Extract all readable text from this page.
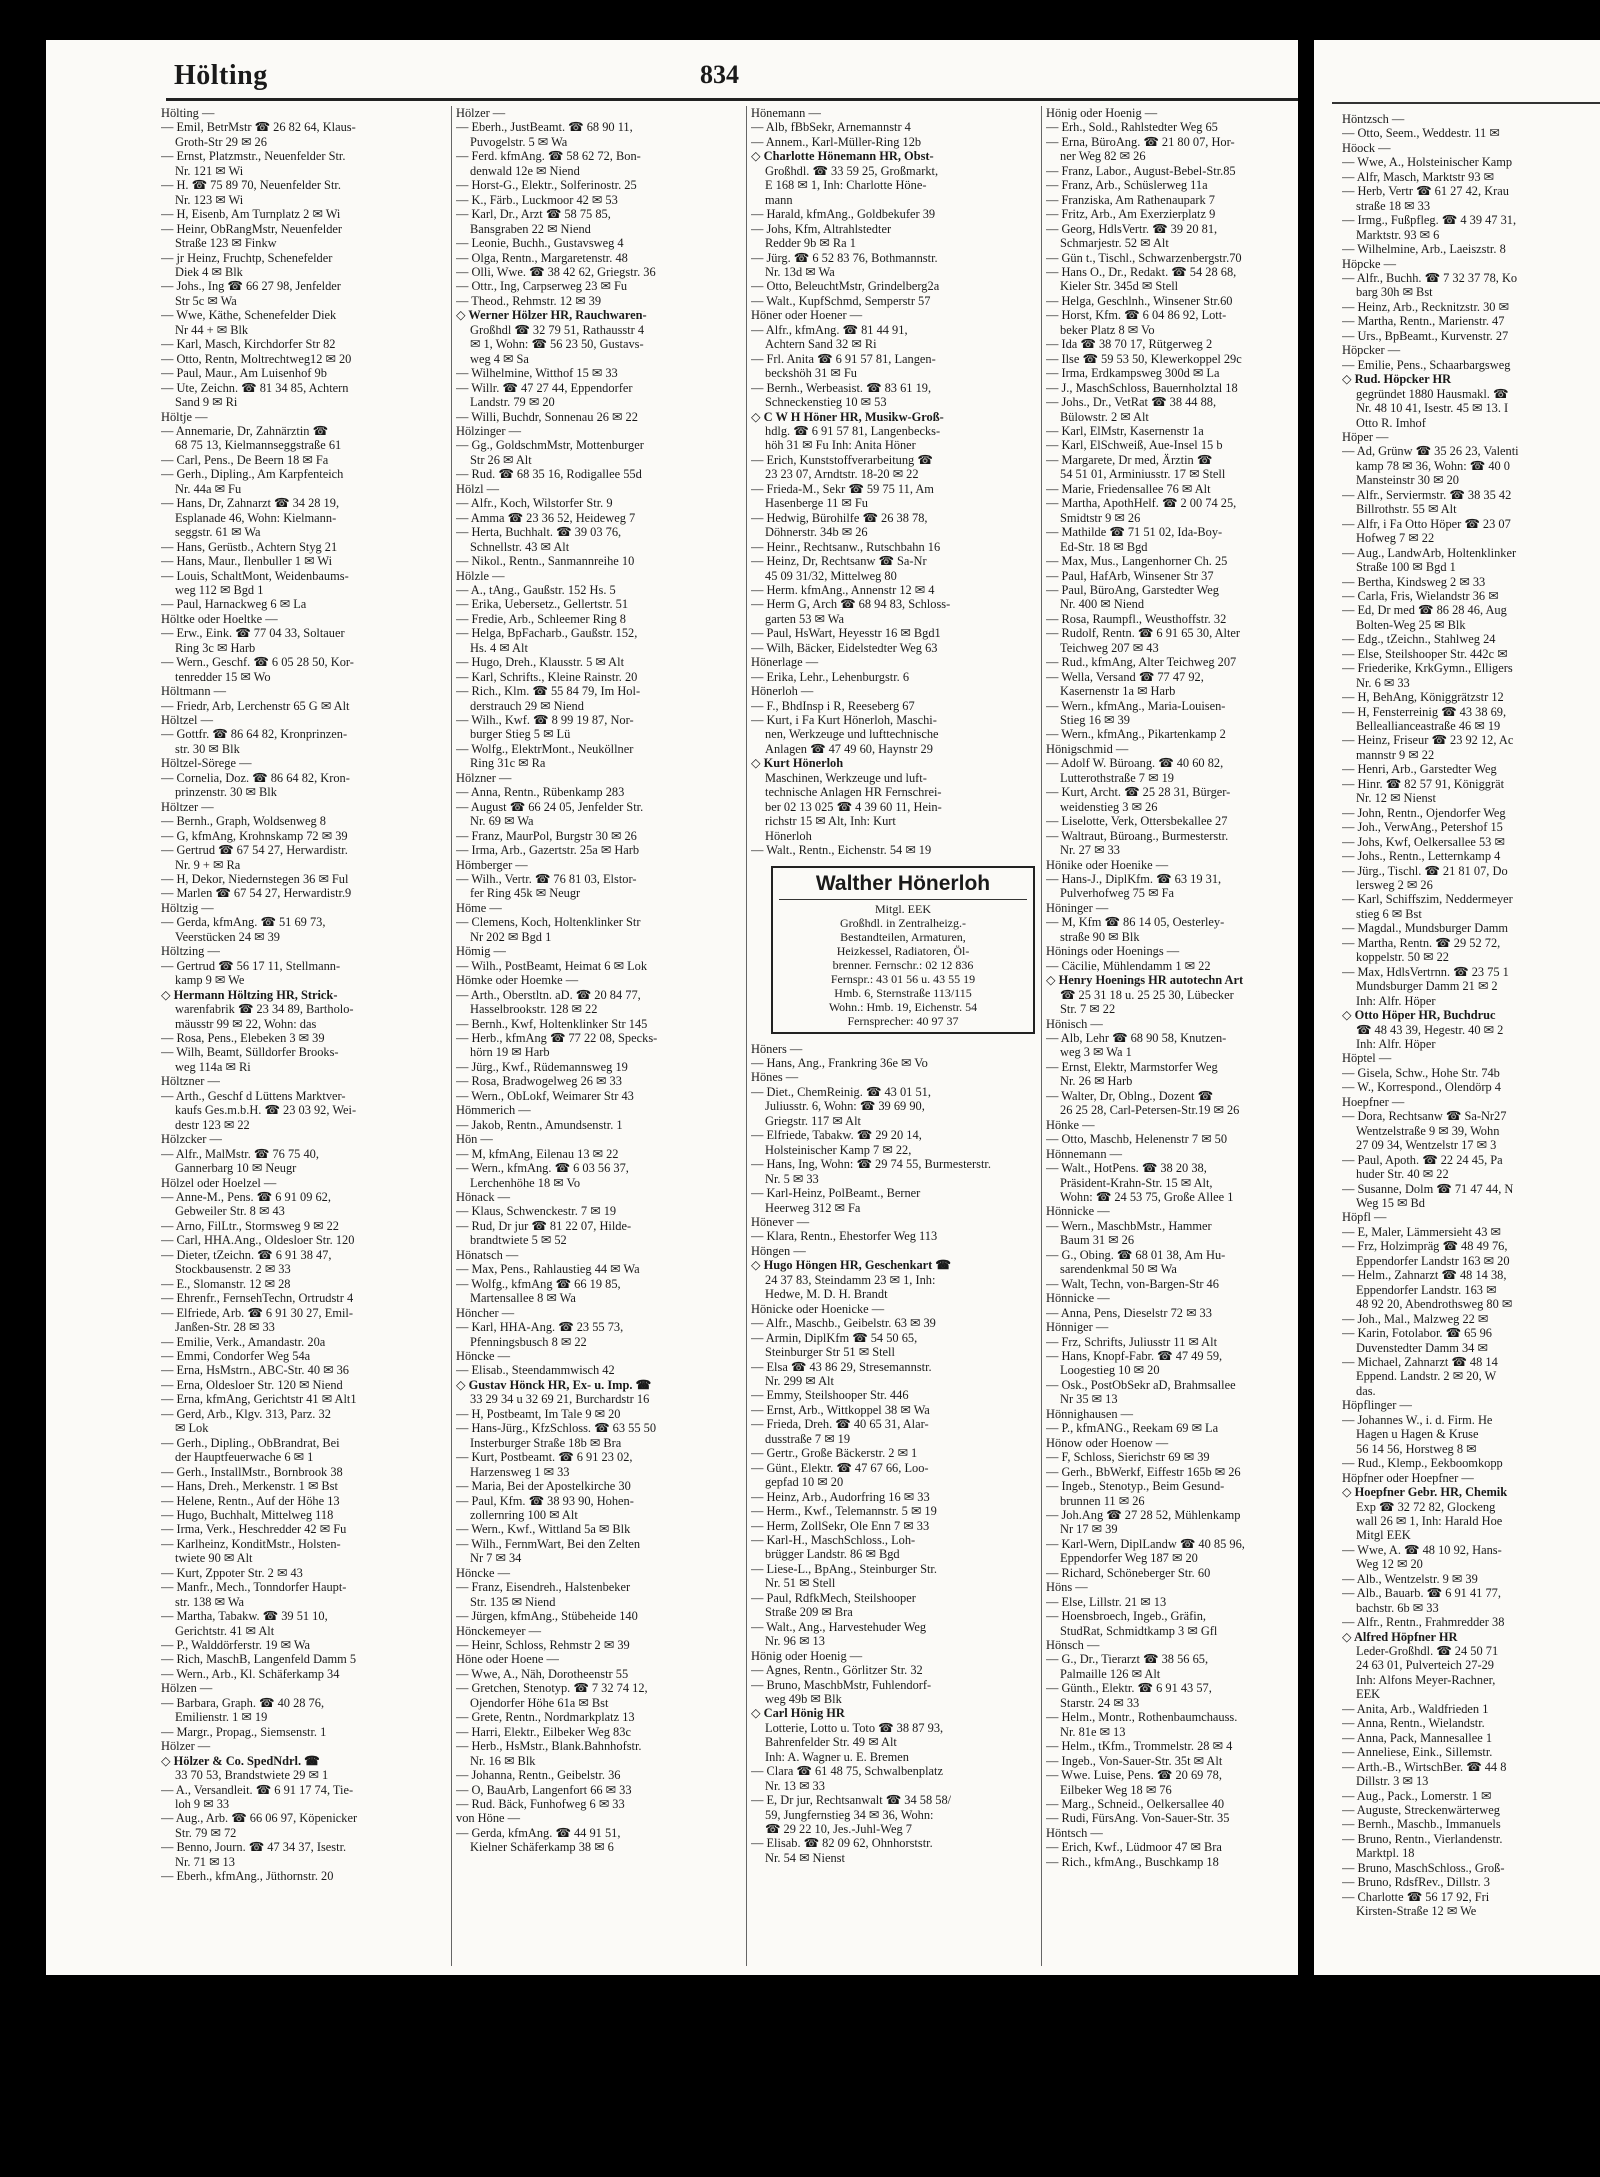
Hölting	834
Hölting —
— Emil, BetrMstr ☎ 26 82 64, Klaus-
Groth-Str 29 ✉ 26
— Ernst, Platzmstr., Neuenfelder Str.
Nr. 121 ✉ Wi
— H. ☎ 75 89 70, Neuenfelder Str.
Nr. 123 ✉ Wi
— H, Eisenb, Am Turnplatz 2 ✉ Wi
— Heinr, ObRangMstr, Neuenfelder
Straße 123 ✉ Finkw
— jr Heinz, Fruchtp, Schenefelder
Diek 4 ✉ Blk
— Johs., Ing ☎ 66 27 98, Jenfelder
Str 5c ✉ Wa
— Wwe, Käthe, Schenefelder Diek
Nr 44 + ✉ Blk
— Karl, Masch, Kirchdorfer Str 82
— Otto, Rentn, Moltrechtweg12 ✉ 20
— Paul, Maur., Am Luisenhof 9b
— Ute, Zeichn. ☎ 81 34 85, Achtern
Sand 9 ✉ Ri
Höltje —
— Annemarie, Dr, Zahnärztin ☎
68 75 13, Kielmannseggstraße 61
— Carl, Pens., De Beern 18 ✉ Fa
— Gerh., Dipling., Am Karpfenteich
Nr. 44a ✉ Fu
— Hans, Dr, Zahnarzt ☎ 34 28 19,
Esplanade 46, Wohn: Kielmann-
seggstr. 61 ✉ Wa
— Hans, Gerüstb., Achtern Styg 21
— Hans, Maur., Ilenbuller 1 ✉ Wi
— Louis, SchaltMont, Weidenbaums-
weg 112 ✉ Bgd 1
— Paul, Harnackweg 6 ✉ La
Höltke oder Hoeltke —
— Erw., Eink. ☎ 77 04 33, Soltauer
Ring 3c ✉ Harb
— Wern., Geschf. ☎ 6 05 28 50, Kor-
tenredder 15 ✉ Wo
Höltmann —
— Friedr, Arb, Lerchenstr 65 G ✉ Alt
Höltzel —
— Gottfr. ☎ 86 64 82, Kronprinzen-
str. 30 ✉ Blk
Höltzel-Sörege —
— Cornelia, Doz. ☎ 86 64 82, Kron-
prinzenstr. 30 ✉ Blk
Höltzer —
— Bernh., Graph, Woldsenweg 8
— G, kfmAng, Krohnskamp 72 ✉ 39
— Gertrud ☎ 67 54 27, Herwardistr.
Nr. 9 + ✉ Ra
— H, Dekor, Niedernstegen 36 ✉ Ful
— Marlen ☎ 67 54 27, Herwardistr.9
Höltzig —
— Gerda, kfmAng. ☎ 51 69 73,
Veerstücken 24 ✉ 39
Höltzing —
— Gertrud ☎ 56 17 11, Stellmann-
kamp 9 ✉ We
◇ Hermann Höltzing HR, Strick-
warenfabrik ☎ 23 34 89, Bartholo-
mäusstr 99 ✉ 22, Wohn: das
— Rosa, Pens., Elebeken 3 ✉ 39
— Wilh, Beamt, Sülldorfer Brooks-
weg 114a ✉ Ri
Höltzner —
— Arth., Geschf d Lüttens Marktver-
kaufs Ges.m.b.H. ☎ 23 03 92, Wei-
destr 123 ✉ 22
Hölzcker —
— Alfr., MalMstr. ☎ 76 75 40,
Gannerbarg 10 ✉ Neugr
Hölzel oder Hoelzel —
— Anne-M., Pens. ☎ 6 91 09 62,
Gebweiler Str. 8 ✉ 43
— Arno, FilLtr., Stormsweg 9 ✉ 22
— Carl, HHA.Ang., Oldesloer Str. 120
— Dieter, tZeichn. ☎ 6 91 38 47,
Stockbausenstr. 2 ✉ 33
— E., Slomanstr. 12 ✉ 28
— Ehrenfr., FernsehTechn, Ortrudstr 4
— Elfriede, Arb. ☎ 6 91 30 27, Emil-
Janßen-Str. 28 ✉ 33
— Emilie, Verk., Amandastr. 20a
— Emmi, Condorfer Weg 54a
— Erna, HsMstrn., ABC-Str. 40 ✉ 36
— Erna, Oldesloer Str. 120 ✉ Niend
— Erna, kfmAng, Gerichtstr 41 ✉ Alt1
— Gerd, Arb., Klgv. 313, Parz. 32
✉ Lok
— Gerh., Dipling., ObBrandrat, Bei
der Hauptfeuerwache 6 ✉ 1
— Gerh., InstallMstr., Bornbrook 38
— Hans, Dreh., Merkenstr. 1 ✉ Bst
— Helene, Rentn., Auf der Höhe 13
— Hugo, Buchhalt, Mittelweg 118
— Irma, Verk., Heschredder 42 ✉ Fu
— Karlheinz, KonditMstr., Holsten-
twiete 90 ✉ Alt
— Kurt, Zppoter Str. 2 ✉ 43
— Manfr., Mech., Tonndorfer Haupt-
str. 138 ✉ Wa
— Martha, Tabakw. ☎ 39 51 10,
Gerichtstr. 41 ✉ Alt
— P., Walddörferstr. 19 ✉ Wa
— Rich, MaschB, Langenfeld Damm 5
— Wern., Arb., Kl. Schäferkamp 34
Hölzen —
— Barbara, Graph. ☎ 40 28 76,
Emilienstr. 1 ✉ 19
— Margr., Propag., Siemsenstr. 1
Hölzer —
◇ Hölzer & Co. SpedNdrl. ☎
33 70 53, Brandstwiete 29 ✉ 1
— A., Versandleit. ☎ 6 91 17 74, Tie-
loh 9 ✉ 33
— Aug., Arb. ☎ 66 06 97, Köpenicker
Str. 79 ✉ 72
— Benno, Journ. ☎ 47 34 37, Isestr.
Nr. 71 ✉ 13
— Eberh., kfmAng., Jüthornstr. 20
Hölzer —
— Eberh., JustBeamt. ☎ 68 90 11,
Puvogelstr. 5 ✉ Wa
— Ferd. kfmAng. ☎ 58 62 72, Bon-
denwald 12e ✉ Niend
— Horst-G., Elektr., Solferinostr. 25
— K., Färb., Luckmoor 42 ✉ 53
— Karl, Dr., Arzt ☎ 58 75 85,
Bansgraben 22 ✉ Niend
— Leonie, Buchh., Gustavsweg 4
— Olga, Rentn., Margaretenstr. 48
— Olli, Wwe. ☎ 38 42 62, Griegstr. 36
— Ottr., Ing, Carpserweg 23 ✉ Fu
— Theod., Rehmstr. 12 ✉ 39
◇ Werner Hölzer HR, Rauchwaren-
Großhdl ☎ 32 79 51, Rathausstr 4
✉ 1, Wohn: ☎ 56 23 50, Gustavs-
weg 4 ✉ Sa
— Wilhelmine, Witthof 15 ✉ 33
— Willr. ☎ 47 27 44, Eppendorfer
Landstr. 79 ✉ 20
— Willi, Buchdr, Sonnenau 26 ✉ 22
Hölzinger —
— Gg., GoldschmMstr, Mottenburger
Str 26 ✉ Alt
— Rud. ☎ 68 35 16, Rodigallee 55d
Hölzl —
— Alfr., Koch, Wilstorfer Str. 9
— Amma ☎ 23 36 52, Heideweg 7
— Herta, Buchhalt. ☎ 39 03 76,
Schnellstr. 43 ✉ Alt
— Nikol., Rentn., Sanmannreihe 10
Hölzle —
— A., tAng., Gaußstr. 152 Hs. 5
— Erika, Uebersetz., Gellertstr. 51
— Fredie, Arb., Schleemer Ring 8
— Helga, BpFacharb., Gaußstr. 152,
Hs. 4 ✉ Alt
— Hugo, Dreh., Klausstr. 5 ✉ Alt
— Karl, Schrifts., Kleine Rainstr. 20
— Rich., Klm. ☎ 55 84 79, Im Hol-
derstrauch 29 ✉ Niend
— Wilh., Kwf. ☎ 8 99 19 87, Nor-
burger Stieg 5 ✉ Lü
— Wolfg., ElektrMont., Neuköllner
Ring 31c ✉ Ra
Hölzner —
— Anna, Rentn., Rübenkamp 283
— August ☎ 66 24 05, Jenfelder Str.
Nr. 69 ✉ Wa
— Franz, MaurPol, Burgstr 30 ✉ 26
— Irma, Arb., Gazertstr. 25a ✉ Harb
Hömberger —
— Wilh., Vertr. ☎ 76 81 03, Elstor-
fer Ring 45k ✉ Neugr
Höme —
— Clemens, Koch, Holtenklinker Str
Nr 202 ✉ Bgd 1
Hömig —
— Wilh., PostBeamt, Heimat 6 ✉ Lok
Hömke oder Hoemke —
— Arth., Oberstltn. aD. ☎ 20 84 77,
Hasselbrookstr. 128 ✉ 22
— Bernh., Kwf, Holtenklinker Str 145
— Herb., kfmAng ☎ 77 22 08, Specks-
hörn 19 ✉ Harb
— Jürg., Kwf., Rüdemannsweg 19
— Rosa, Bradwogelweg 26 ✉ 33
— Wern., ObLokf, Weimarer Str 43
Hömmerich —
— Jakob, Rentn., Amundsenstr. 1
Hön —
— M, kfmAng, Eilenau 13 ✉ 22
— Wern., kfmAng. ☎ 6 03 56 37,
Lerchenhöhe 18 ✉ Vo
Hönack —
— Klaus, Schwenckestr. 7 ✉ 19
— Rud, Dr jur ☎ 81 22 07, Hilde-
brandtwiete 5 ✉ 52
Hönatsch —
— Max, Pens., Rahlaustieg 44 ✉ Wa
— Wolfg., kfmAng ☎ 66 19 85,
Martensallee 8 ✉ Wa
Höncher —
— Karl, HHA-Ang. ☎ 23 55 73,
Pfenningsbusch 8 ✉ 22
Höncke —
— Elisab., Steendammwisch 42
◇ Gustav Hönck HR, Ex- u. Imp. ☎
33 29 34 u 32 69 21, Burchardstr 16
— H, Postbeamt, Im Tale 9 ✉ 20
— Hans-Jürg., KfzSchloss. ☎ 63 55 50
Insterburger Straße 18b ✉ Bra
— Kurt, Postbeamt. ☎ 6 91 23 02,
Harzensweg 1 ✉ 33
— Maria, Bei der Apostelkirche 30
— Paul, Kfm. ☎ 38 93 90, Hohen-
zollernring 100 ✉ Alt
— Wern., Kwf., Wittland 5a ✉ Blk
— Wilh., FernmWart, Bei den Zelten
Nr 7 ✉ 34
Höncke —
— Franz, Eisendreh., Halstenbeker
Str. 135 ✉ Niend
— Jürgen, kfmAng., Stübeheide 140
Hönckemeyer —
— Heinr, Schloss, Rehmstr 2 ✉ 39
Höne oder Hoene —
— Wwe, A., Näh, Dorotheenstr 55
— Gretchen, Stenotyp. ☎ 7 32 74 12,
Ojendorfer Höhe 61a ✉ Bst
— Grete, Rentn., Nordmarkplatz 13
— Harri, Elektr., Eilbeker Weg 83c
— Herb., HsMstr., Blank.Bahnhofstr.
Nr. 16 ✉ Blk
— Johanna, Rentn., Geibelstr. 36
— O, BauArb, Langenfort 66 ✉ 33
— Rud. Bäck, Funhofweg 6 ✉ 33
von Höne —
— Gerda, kfmAng. ☎ 44 91 51,
Kielner Schäferkamp 38 ✉ 6
Hönemann —
— Alb, fBbSekr, Arnemannstr 4
— Annem., Karl-Müller-Ring 12b
◇ Charlotte Hönemann HR, Obst-
Großhdl. ☎ 33 59 25, Großmarkt,
E 168 ✉ 1, Inh: Charlotte Höne-
mann
— Harald, kfmAng., Goldbekufer 39
— Johs, Kfm, Altrahlstedter
Redder 9b ✉ Ra 1
— Jürg. ☎ 6 52 83 76, Bothmannstr.
Nr. 13d ✉ Wa
— Otto, BeleuchtMstr, Grindelberg2a
— Walt., KupfSchmd, Semperstr 57
Höner oder Hoener —
— Alfr., kfmAng. ☎ 81 44 91,
Achtern Sand 32 ✉ Ri
— Frl. Anita ☎ 6 91 57 81, Langen-
beckshöh 31 ✉ Fu
— Bernh., Werbeasist. ☎ 83 61 19,
Schneckenstieg 10 ✉ 53
◇ C W H Höner HR, Musikw-Groß-
hdlg. ☎ 6 91 57 81, Langenbecks-
höh 31 ✉ Fu Inh: Anita Höner
— Erich, Kunststoffverarbeitung ☎
23 23 07, Arndtstr. 18-20 ✉ 22
— Frieda-M., Sekr ☎ 59 75 11, Am
Hasenberge 11 ✉ Fu
— Hedwig, Bürohilfe ☎ 26 38 78,
Döhnerstr. 34b ✉ 26
— Heinr., Rechtsanw., Rutschbahn 16
— Heinz, Dr, Rechtsanw ☎ Sa-Nr
45 09 31/32, Mittelweg 80
— Herm. kfmAng., Annenstr 12 ✉ 4
— Herm G, Arch ☎ 68 94 83, Schloss-
garten 53 ✉ Wa
— Paul, HsWart, Heyesstr 16 ✉ Bgd1
— Wilh, Bäcker, Eidelstedter Weg 63
Hönerlage —
— Erika, Lehr., Lehenburgstr. 6
Hönerloh —
— F., BhdInsp i R, Reeseberg 67
— Kurt, i Fa Kurt Hönerloh, Maschi-
nen, Werkzeuge und lufttechnische
Anlagen ☎ 47 49 60, Haynstr 29
◇ Kurt Hönerloh
Maschinen, Werkzeuge und luft-
technische Anlagen HR Fernschrei-
ber 02 13 025 ☎ 4 39 60 11, Hein-
richstr 15 ✉ Alt, Inh: Kurt
Hönerloh
— Walt., Rentn., Eichenstr. 54 ✉ 19
Walther Hönerloh
Mitgl. EEK
Großhdl. in Zentralheizg.-
Bestandteilen, Armaturen,
Heizkessel, Radiatoren, Öl-
brenner. Fernschr.: 02 12 836
Fernspr.: 43 01 56 u. 43 55 19
Hmb. 6, Sternstraße 113/115
Wohn.: Hmb. 19, Eichenstr. 54
Fernsprecher: 40 97 37
Höners —
— Hans, Ang., Frankring 36e ✉ Vo
Hönes —
— Diet., ChemReinig. ☎ 43 01 51,
Juliusstr. 6, Wohn: ☎ 39 69 90,
Griegstr. 117 ✉ Alt
— Elfriede, Tabakw. ☎ 29 20 14,
Holsteinischer Kamp 7 ✉ 22,
— Hans, Ing, Wohn: ☎ 29 74 55, Burmesterstr.
Nr. 5 ✉ 33
— Karl-Heinz, PolBeamt., Berner
Heerweg 312 ✉ Fa
Hönever —
— Klara, Rentn., Ehestorfer Weg 113
Höngen —
◇ Hugo Höngen HR, Geschenkart ☎
24 37 83, Steindamm 23 ✉ 1, Inh:
Hedwe, M. D. H. Brandt
Hönicke oder Hoenicke —
— Alfr., Maschb., Geibelstr. 63 ✉ 39
— Armin, DiplKfm ☎ 54 50 65,
Steinburger Str 51 ✉ Stell
— Elsa ☎ 43 86 29, Stresemannstr.
Nr. 299 ✉ Alt
— Emmy, Steilshooper Str. 446
— Ernst, Arb., Wittkoppel 38 ✉ Wa
— Frieda, Dreh. ☎ 40 65 31, Alar-
dusstraße 7 ✉ 19
— Gertr., Große Bäckerstr. 2 ✉ 1
— Günt., Elektr. ☎ 47 67 66, Loo-
gepfad 10 ✉ 20
— Heinz, Arb., Audorfring 16 ✉ 33
— Herm., Kwf., Telemannstr. 5 ✉ 19
— Herm, ZollSekr, Ole Enn 7 ✉ 33
— Karl-H., MaschSchloss., Loh-
brügger Landstr. 86 ✉ Bgd
— Liese-L., BpAng., Steinburger Str.
Nr. 51 ✉ Stell
— Paul, RdfkMech, Steilshooper
Straße 209 ✉ Bra
— Walt., Ang., Harvestehuder Weg
Nr. 96 ✉ 13
Hönig oder Hoenig —
— Agnes, Rentn., Görlitzer Str. 32
— Bruno, MaschbMstr, Fuhlendorf-
weg 49b ✉ Blk
◇ Carl Hönig HR
Lotterie, Lotto u. Toto ☎ 38 87 93,
Bahrenfelder Str. 49 ✉ Alt
Inh: A. Wagner u. E. Bremen
— Clara ☎ 61 48 75, Schwalbenplatz
Nr. 13 ✉ 33
— E, Dr jur, Rechtsanwalt ☎ 34 58 58/
59, Jungfernstieg 34 ✉ 36, Wohn:
☎ 29 22 10, Jes.-Juhl-Weg 7
— Elisab. ☎ 82 09 62, Ohnhorststr.
Nr. 54 ✉ Nienst
Hönig oder Hoenig —
— Erh., Sold., Rahlstedter Weg 65
— Erna, BüroAng. ☎ 21 80 07, Hor-
ner Weg 82 ✉ 26
— Franz, Labor., August-Bebel-Str.85
— Franz, Arb., Schüslerweg 11a
— Franziska, Am Rathenaupark 7
— Fritz, Arb., Am Exerzierplatz 9
— Georg, HdlsVertr. ☎ 39 20 81,
Schmarjestr. 52 ✉ Alt
— Gün t., Tischl., Schwarzenbergstr.70
— Hans O., Dr., Redakt. ☎ 54 28 68,
Kieler Str. 345d ✉ Stell
— Helga, Geschlnh., Winsener Str.60
— Horst, Kfm. ☎ 6 04 86 92, Lott-
beker Platz 8 ✉ Vo
— Ida ☎ 38 70 17, Rütgerweg 2
— Ilse ☎ 59 53 50, Klewerkoppel 29c
— Irma, Erdkampsweg 300d ✉ La
— J., MaschSchloss, Bauernholztal 18
— Johs., Dr., VetRat ☎ 38 44 88,
Bülowstr. 2 ✉ Alt
— Karl, ElMstr, Kasernenstr 1a
— Karl, ElSchweiß, Aue-Insel 15 b
— Margarete, Dr med, Ärztin ☎
54 51 01, Arminiusstr. 17 ✉ Stell
— Marie, Friedensallee 76 ✉ Alt
— Martha, ApothHelf. ☎ 2 00 74 25,
Smidtstr 9 ✉ 26
— Mathilde ☎ 71 51 02, Ida-Boy-
Ed-Str. 18 ✉ Bgd
— Max, Mus., Langenhorner Ch. 25
— Paul, HafArb, Winsener Str 37
— Paul, BüroAng, Garstedter Weg
Nr. 400 ✉ Niend
— Rosa, Raumpfl., Weusthoffstr. 32
— Rudolf, Rentn. ☎ 6 91 65 30, Alter
Teichweg 207 ✉ 43
— Rud., kfmAng, Alter Teichweg 207
— Wella, Versand ☎ 77 47 92,
Kasernenstr 1a ✉ Harb
— Wern., kfmAng., Maria-Louisen-
Stieg 16 ✉ 39
— Wern., kfmAng., Pikartenkamp 2
Hönigschmid —
— Adolf W. Büroang. ☎ 40 60 82,
Lutterothstraße 7 ✉ 19
— Kurt, Archt. ☎ 25 28 31, Bürger-
weidenstieg 3 ✉ 26
— Liselotte, Verk, Ottersbekallee 27
— Waltraut, Büroang., Burmesterstr.
Nr. 27 ✉ 33
Hönike oder Hoenike —
— Hans-J., DiplKfm. ☎ 63 19 31,
Pulverhofweg 75 ✉ Fa
Höninger —
— M, Kfm ☎ 86 14 05, Oesterley-
straße 90 ✉ Blk
Hönings oder Hoenings —
— Cäcilie, Mühlendamm 1 ✉ 22
◇ Henry Hoenings HR autotechn Art
☎ 25 31 18 u. 25 25 30, Lübecker
Str. 7 ✉ 22
Hönisch —
— Alb, Lehr ☎ 68 90 58, Knutzen-
weg 3 ✉ Wa 1
— Ernst, Elektr, Marmstorfer Weg
Nr. 26 ✉ Harb
— Walter, Dr, Oblng., Dozent ☎
26 25 28, Carl-Petersen-Str.19 ✉ 26
Hönke —
— Otto, Maschb, Helenenstr 7 ✉ 50
Hönnemann —
— Walt., HotPens. ☎ 38 20 38,
Präsident-Krahn-Str. 15 ✉ Alt,
Wohn: ☎ 24 53 75, Große Allee 1
Hönnicke —
— Wern., MaschbMstr., Hammer
Baum 31 ✉ 26
— G., Obing. ☎ 68 01 38, Am Hu-
sarendenkmal 50 ✉ Wa
— Walt, Techn, von-Bargen-Str 46
Hönnicke —
— Anna, Pens, Dieselstr 72 ✉ 33
Hönniger —
— Frz, Schrifts, Juliusstr 11 ✉ Alt
— Hans, Knopf-Fabr. ☎ 47 49 59,
Loogestieg 10 ✉ 20
— Osk., PostObSekr aD, Brahmsallee
Nr 35 ✉ 13
Hönnighausen —
— P., kfmANG., Reekam 69 ✉ La
Hönow oder Hoenow —
— F, Schloss, Sierichstr 69 ✉ 39
— Gerh., BbWerkf, Eiffestr 165b ✉ 26
— Ingeb., Stenotyp., Beim Gesund-
brunnen 11 ✉ 26
— Joh.Ang ☎ 27 28 52, Mühlenkamp
Nr 17 ✉ 39
— Karl-Wern, DiplLandw ☎ 40 85 96,
Eppendorfer Weg 187 ✉ 20
— Richard, Schöneberger Str. 60
Höns —
— Else, Lillstr. 21 ✉ 13
— Hoensbroech, Ingeb., Gräfin,
StudRat, Schmidtkamp 3 ✉ Gfl
Hönsch —
— G., Dr., Tierarzt ☎ 38 56 65,
Palmaille 126 ✉ Alt
— Günth., Elektr. ☎ 6 91 43 57,
Starstr. 24 ✉ 33
— Helm., Montr., Rothenbaumchauss.
Nr. 81e ✉ 13
— Helm., tKfm., Trommelstr. 28 ✉ 4
— Ingeb., Von-Sauer-Str. 35t ✉ Alt
— Wwe. Luise, Pens. ☎ 20 69 78,
Eilbeker Weg 18 ✉ 76
— Marg., Schneid., Oelkersallee 40
— Rudi, FürsAng. Von-Sauer-Str. 35
Höntsch —
— Erich, Kwf., Lüdmoor 47 ✉ Bra
— Rich., kfmAng., Buschkamp 18
Höntzsch —
— Otto, Seem., Weddestr. 11 ✉
Höock —
— Wwe, A., Holsteinischer Kamp
— Alfr, Masch, Marktstr 93 ✉
— Herb, Vertr ☎ 61 27 42, Krau
straße 18 ✉ 33
— Irmg., Fußpfleg. ☎ 4 39 47 31,
Marktstr. 93 ✉ 6
— Wilhelmine, Arb., Laeiszstr. 8
Höpcke —
— Alfr., Buchh. ☎ 7 32 37 78, Ko
barg 30h ✉ Bst
— Heinz, Arb., Recknitzstr. 30 ✉
— Martha, Rentn., Marienstr. 47
— Urs., BpBeamt., Kurvenstr. 27
Höpcker —
— Emilie, Pens., Schaarbargsweg
◇ Rud. Höpcker HR
gegründet 1880 Hausmakl. ☎
Nr. 48 10 41, Isestr. 45 ✉ 13. I
Otto R. Imhof
Höper —
— Ad, Grünw ☎ 35 26 23, Valenti
kamp 78 ✉ 36, Wohn: ☎ 40 0
Mansteinstr 30 ✉ 20
— Alfr., Serviermstr. ☎ 38 35 42
Billrothstr. 55 ✉ Alt
— Alfr, i Fa Otto Höper ☎ 23 07
Hofweg 7 ✉ 22
— Aug., LandwArb, Holtenklinker
Straße 100 ✉ Bgd 1
— Bertha, Kindsweg 2 ✉ 33
— Carla, Fris, Wielandstr 36 ✉
— Ed, Dr med ☎ 86 28 46, Aug
Bolten-Weg 25 ✉ Blk
— Edg., tZeichn., Stahlweg 24
— Else, Steilshooper Str. 442c ✉
— Friederike, KrkGymn., Elligers
Nr. 6 ✉ 33
— H, BehAng, Königgrätzstr 12
— H, Fensterreinig ☎ 43 38 69,
Belleallianceastraße 46 ✉ 19
— Heinz, Friseur ☎ 23 92 12, Ac
mannstr 9 ✉ 22
— Henri, Arb., Garstedter Weg
— Hinr. ☎ 82 57 91, Königgrät
Nr. 12 ✉ Nienst
— John, Rentn., Ojendorfer Weg
— Joh., VerwAng., Petershof 15
— Johs, Kwf, Oelkersallee 53 ✉
— Johs., Rentn., Letternkamp 4
— Jürg., Tischl. ☎ 21 81 07, Do
lersweg 2 ✉ 26
— Karl, Schiffszim, Neddermeyer
stieg 6 ✉ Bst
— Magdal., Mundsburger Damm
— Martha, Rentn. ☎ 29 52 72,
koppelstr. 50 ✉ 22
— Max, HdlsVertrnn. ☎ 23 75 1
Mundsburger Damm 21 ✉ 2
Inh: Alfr. Höper
◇ Otto Höper HR, Buchdruc
☎ 48 43 39, Hegestr. 40 ✉ 2
Inh: Alfr. Höper
Höptel —
— Gisela, Schw., Hohe Str. 74b
— W., Korrespond., Olendörp 4
Hoepfner —
— Dora, Rechtsanw ☎ Sa-Nr27
Wentzelstraße 9 ✉ 39, Wohn
27 09 34, Wentzelstr 17 ✉ 3
— Paul, Apoth. ☎ 22 24 45, Pa
huder Str. 40 ✉ 22
— Susanne, Dolm ☎ 71 47 44, N
Weg 15 ✉ Bd
Höpfl —
— E, Maler, Lämmersieht 43 ✉
— Frz, Holzimpräg ☎ 48 49 76,
Eppendorfer Landstr 163 ✉ 20
— Helm., Zahnarzt ☎ 48 14 38,
Eppendorfer Landstr. 163 ✉
48 92 20, Abendrothsweg 80 ✉
— Joh., Mal., Malzweg 22 ✉
— Karin, Fotolabor. ☎ 65 96
Duvenstedter Damm 34 ✉
— Michael, Zahnarzt ☎ 48 14
Eppend. Landstr. 2 ✉ 20, W
das.
Höpflinger —
— Johannes W., i. d. Firm. He
Hagen u Hagen & Kruse
56 14 56, Horstweg 8 ✉
— Rud., Klemp., Eekboomkopp
Höpfner oder Hoepfner —
◇ Hoepfner Gebr. HR, Chemik
Exp ☎ 32 72 82, Glockeng
wall 26 ✉ 1, Inh: Harald Hoe
Mitgl EEK
— Wwe, A. ☎ 48 10 92, Hans-
Weg 12 ✉ 20
— Alb., Wentzelstr. 9 ✉ 39
— Alb., Bauarb. ☎ 6 91 41 77,
bachstr. 6b ✉ 33
— Alfr., Rentn., Frahmredder 38
◇ Alfred Höpfner HR
Leder-Großhdl. ☎ 24 50 71
24 63 01, Pulverteich 27-29
Inh: Alfons Meyer-Rachner,
EEK
— Anita, Arb., Waldfrieden 1
— Anna, Rentn., Wielandstr.
— Anna, Pack, Mannesallee 1
— Anneliese, Eink., Sillemstr.
— Arth.-B., WirtschBer. ☎ 44 8
Dillstr. 3 ✉ 13
— Aug., Pack., Lomerstr. 1 ✉
— Auguste, Streckenwärterweg
— Bernh., Maschb., Immanuels
— Bruno, Rentn., Vierlandenstr.
Marktpl. 18
— Bruno, MaschSchloss., Groß-
— Bruno, RdsfRev., Dillstr. 3
— Charlotte ☎ 56 17 92, Fri
Kirsten-Straße 12 ✉ We
